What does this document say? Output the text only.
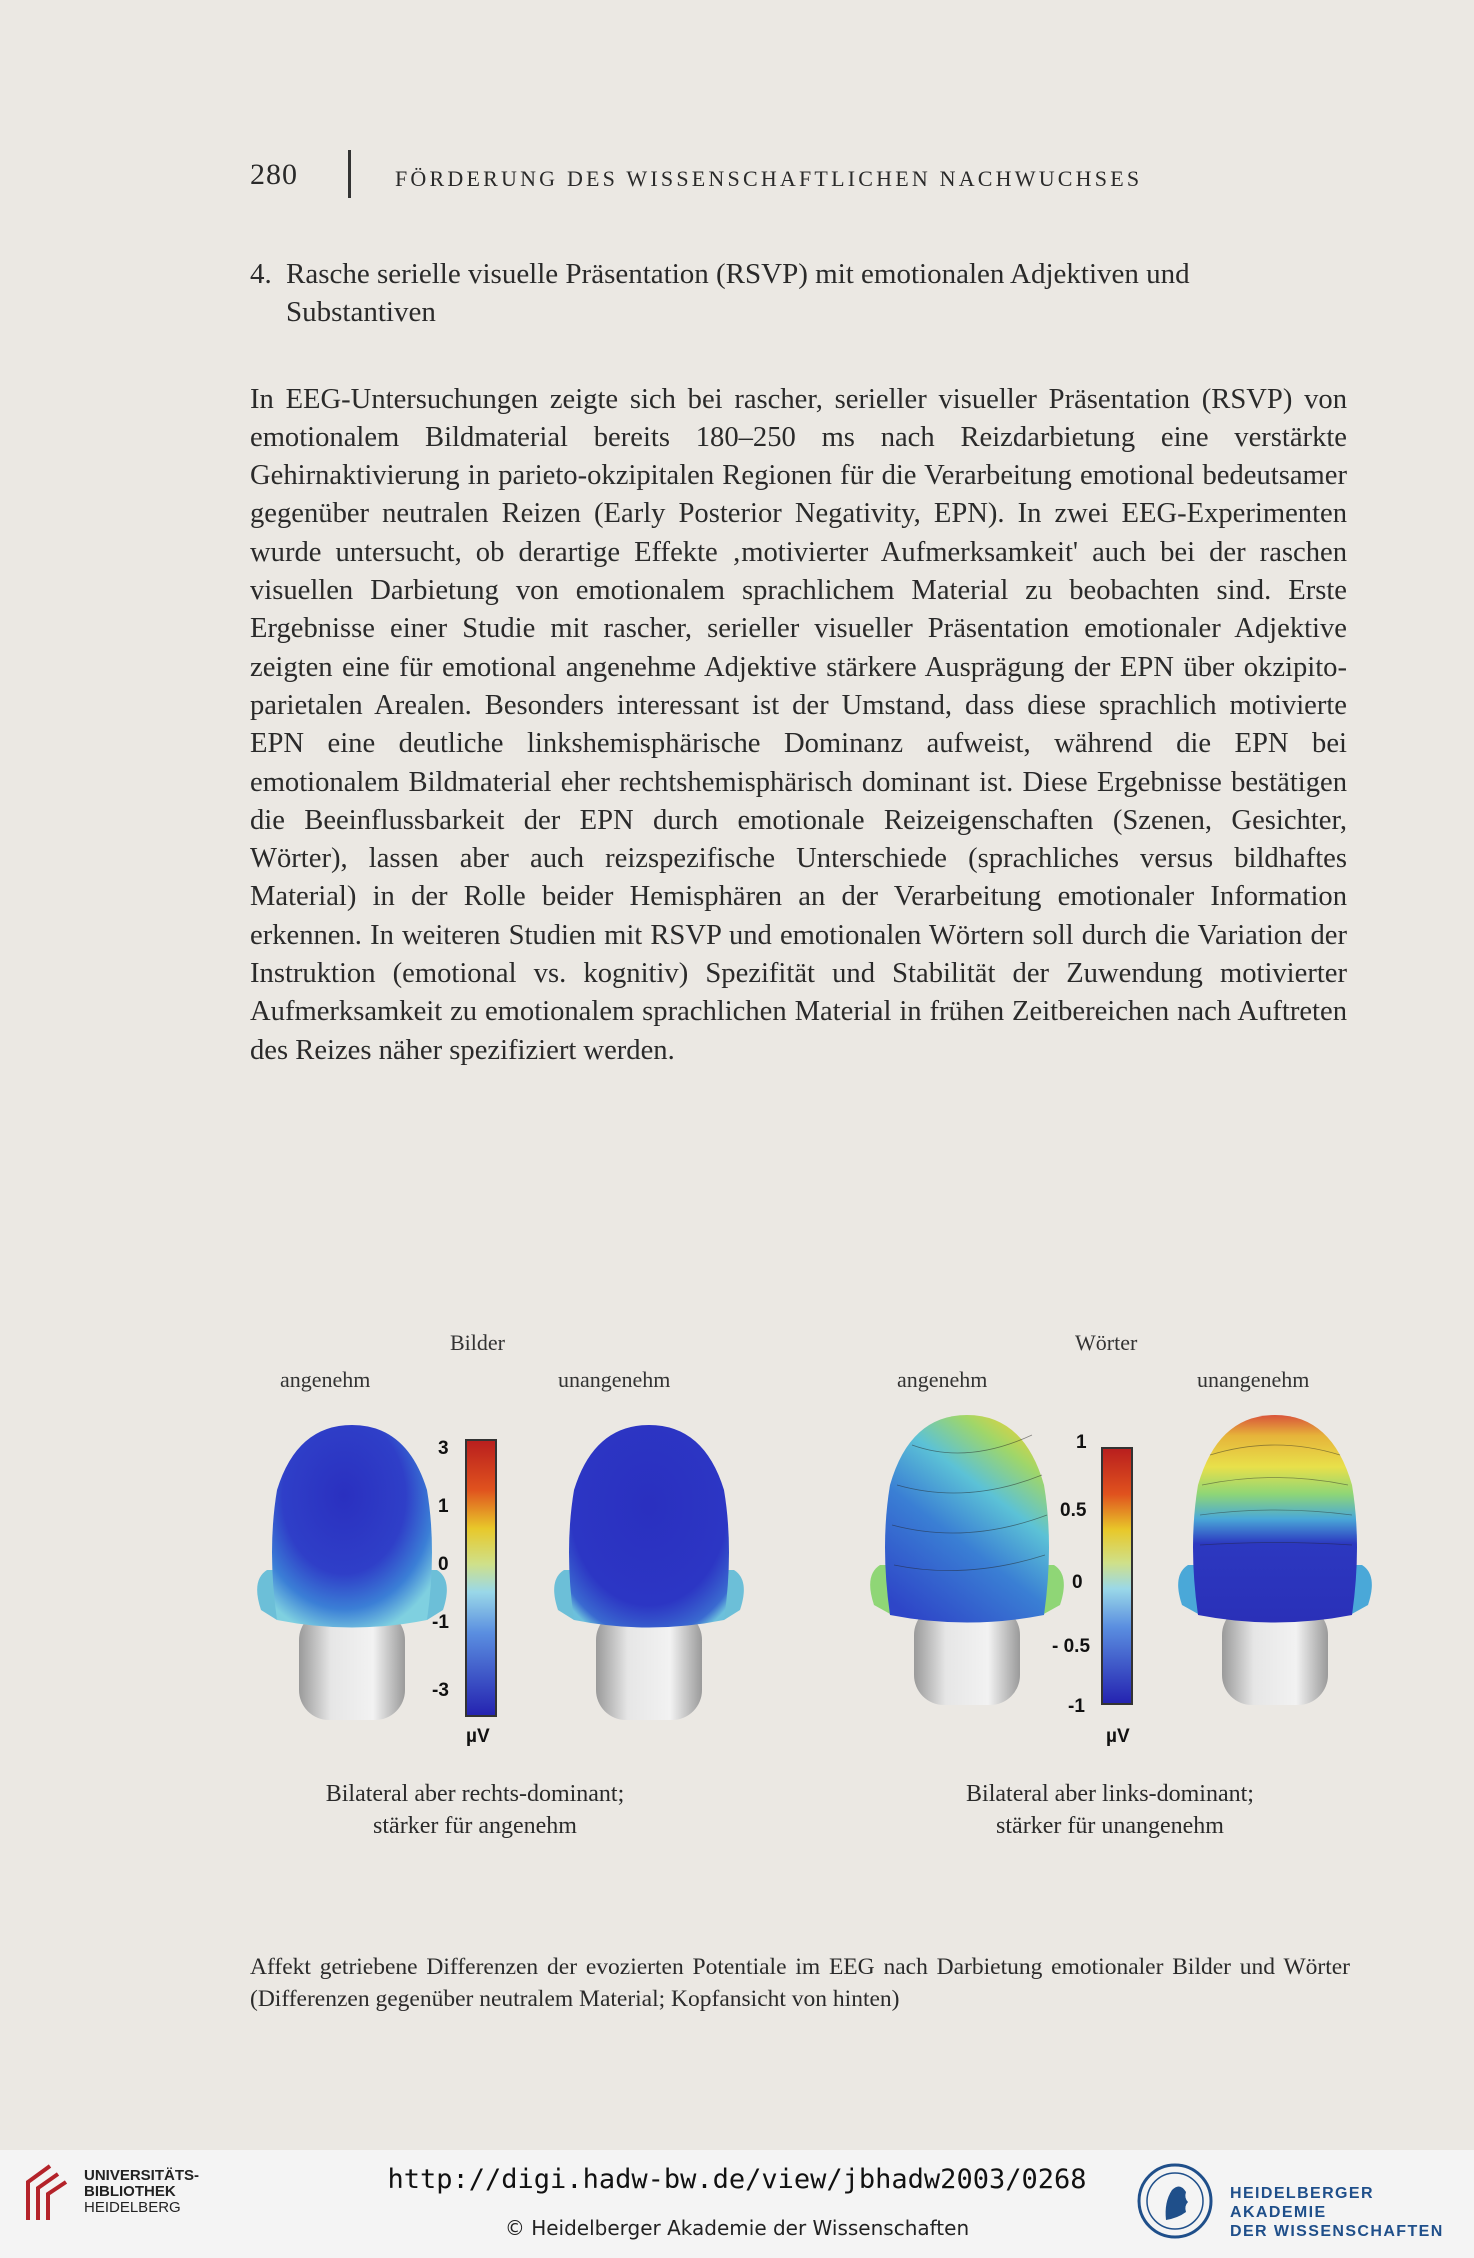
280	FÖRDERUNG DES WISSENSCHAFTLICHEN NACHWUCHSES
4. Rasche serielle visuelle Präsentation (RSVP) mit emotionalen Adjektiven und
Substantiven

In EEG-Untersuchungen zeigte sich bei rascher, serieller visueller Präsentation (RSVP) von emotionalem Bildmaterial bereits 180–250 ms nach Reizdarbietung eine verstärkte Gehirnaktivierung in parieto-okzipitalen Regionen für die Verarbeitung emotional bedeutsamer gegenüber neutralen Reizen (Early Posterior Negativity, EPN). In zwei EEG-Experimenten wurde untersucht, ob derartige Effekte ‚motivierter Aufmerksamkeit' auch bei der raschen visuellen Darbietung von emotionalem sprachlichem Material zu beobachten sind. Erste Ergebnisse einer Studie mit rascher, serieller visueller Präsentation emotionaler Adjektive zeigten eine für emotional angenehme Adjektive stärkere Ausprägung der EPN über okzipitoparietalen Arealen. Besonders interessant ist der Umstand, dass diese sprachlich motivierte EPN eine deutliche linkshemisphärische Dominanz aufweist, während die EPN bei emotionalem Bildmaterial eher rechtshemisphärisch dominant ist. Diese Ergebnisse bestätigen die Beeinflussbarkeit der EPN durch emotionale Reizeigenschaften (Szenen, Gesichter, Wörter), lassen aber auch reizspezifische Unterschiede (sprachliches versus bildhaftes Material) in der Rolle beider Hemisphären an der Verarbeitung emotionaler Information erkennen. In weiteren Studien mit RSVP und emotionalen Wörtern soll durch die Variation der Instruktion (emotional vs. kognitiv) Spezifität und Stabilität der Zuwendung motivierter Aufmerksamkeit zu emotionalem sprachlichen Material in frühen Zeitbereichen nach Auftreten des Reizes näher spezifiziert werden.

Bilder	Wörter
angenehm	unangenehm	angenehm	unangenehm
3
1
0
-1
-3
µV
1
0.5
0
- 0.5
-1
µV
Bilateral aber rechts-dominant;
stärker für angenehm
Bilateral aber links-dominant;
stärker für unangenehm

Affekt getriebene Differenzen der evozierten Potentiale im EEG nach Darbietung emotionaler Bilder und Wörter (Differenzen gegenüber neutralem Material; Kopfansicht von hinten)

UNIVERSITÄTS-
BIBLIOTHEK
HEIDELBERG
http://digi.hadw-bw.de/view/jbhadw2003/0268
© Heidelberger Akademie der Wissenschaften
HEIDELBERGER AKADEMIE
DER WISSENSCHAFTEN
